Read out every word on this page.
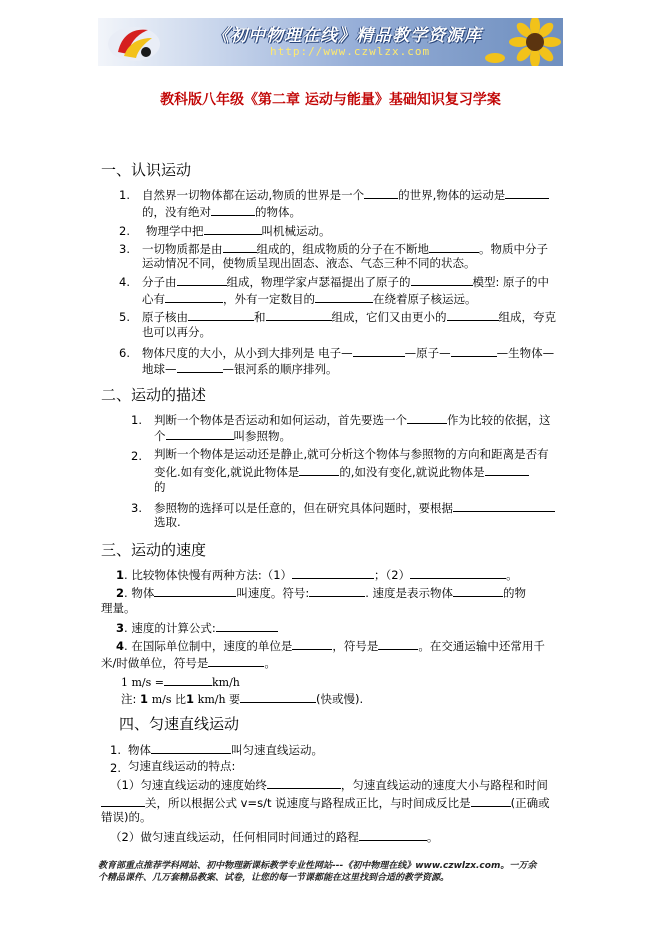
《初中物理在线》精品教学资源库
http://www.czwlzx.com
教科版八年级《第二章 运动与能量》基础知识复习学案
一、认识运动
1. 自然界一切物体都在运动,物质的世界是一个	的世界,物体的运动是
的，没有绝对	的物体。
2. 物理学中把	叫机械运动。
3. 一切物质都是由	组成的，组成物质的分子在不断地	。物质中分子
运动情况不同，使物质呈现出固态、液态、气态三种不同的状态。
4. 分子由	组成，物理学家卢瑟福提出了原子的	模型: 原子的中
心有	，外有一定数目的	在绕着原子核运远。
5. 原子核由	和	组成，它们又由更小的	组成，夸克
也可以再分。
6. 物体尺度的大小，从小到大排列是 电子—	—原子—	—生物体—
地球—	—银河系的顺序排列。
二、运动的描述
1. 判断一个物体是否运动和如何运动，首先要选一个	作为比较的依据，这
个	叫参照物。
2. 判断一个物体是运动还是静止,就可分析这个物体与参照物的方向和距离是否有
变化.如有变化,就说此物体是	的,如没有变化,就说此物体是
的
3. 参照物的选择可以是任意的，但在研究具体问题时，要根据
选取.
三、运动的速度
1. 比较物体快慢有两种方法:（1）	；（2）	。
2. 物体	叫速度。符号:	. 速度是表示物体	的物
理量。
3. 速度的计算公式:
4. 在国际单位制中，速度的单位是	，符号是	。在交通运输中还常用千
米/时做单位，符号是	。
1 m/s =	km/h
注: 1 m/s 比1 km/h 要	(快或慢).
四、匀速直线运动
1. 物体	叫匀速直线运动。
2. 匀速直线运动的特点:
（1）匀速直线运动的速度始终	，匀速直线运动的速度大小与路程和时间
关，所以根据公式 v=s/t 说速度与路程成正比，与时间成反比是	(正确或
错误)的。
（2）做匀速直线运动，任何相同时间通过的路程	。
教育部重点推荐学科网站、初中物理新课标教学专业性网站---《初中物理在线》www.czwlzx.com。一万余
个精品课件、几万套精品教案、试卷，让您的每一节课都能在这里找到合适的教学资源。
